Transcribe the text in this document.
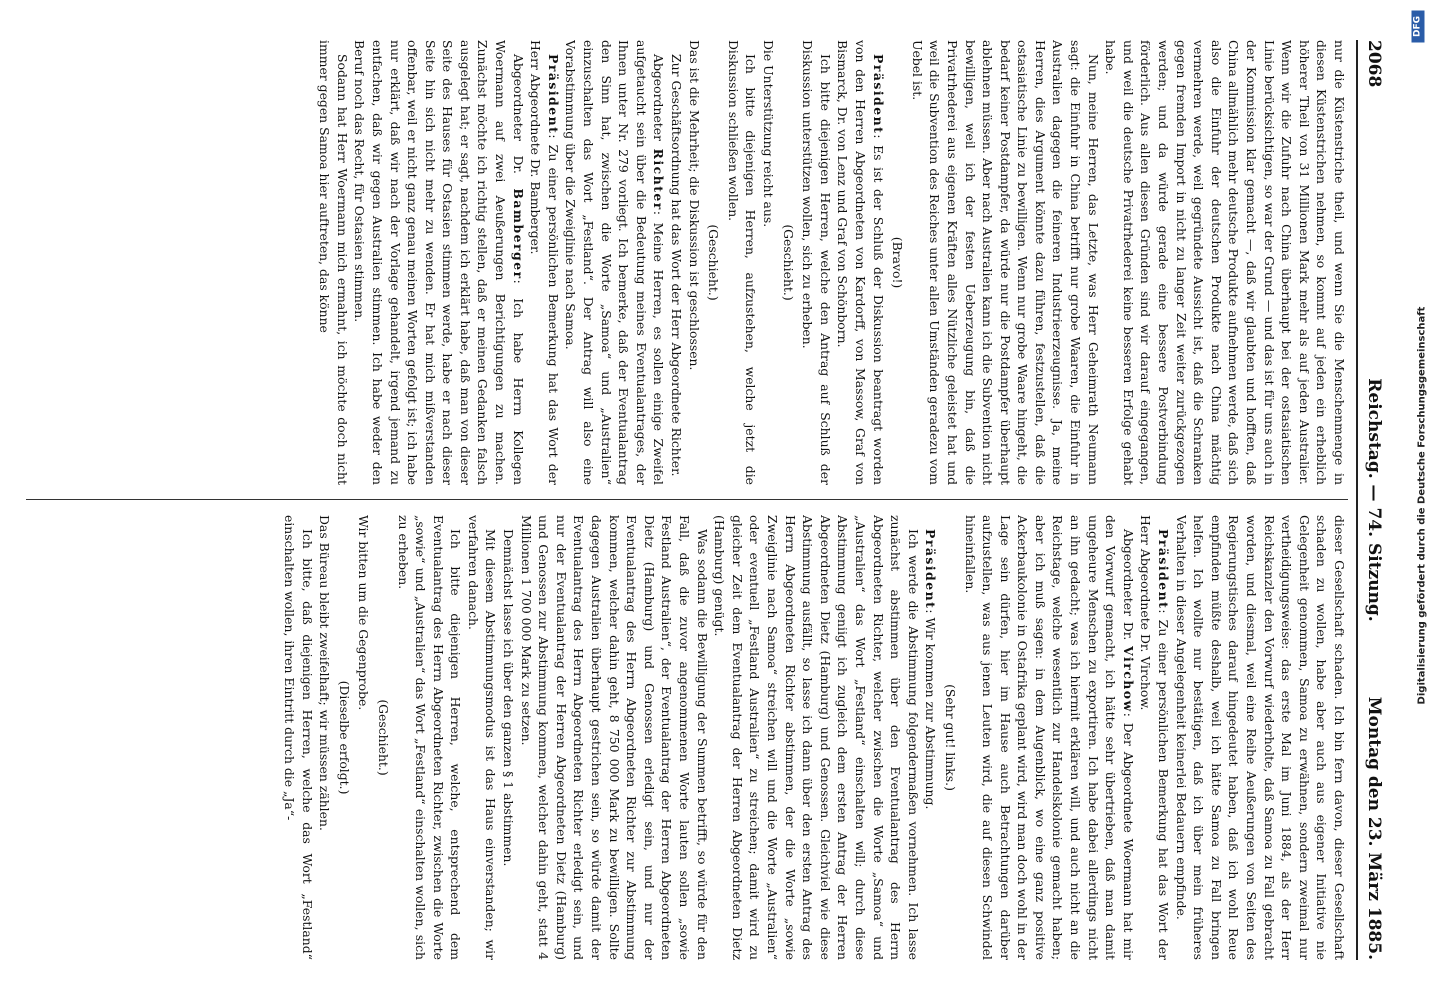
2068
Reichstag. — 74. Sitzung.
Montag den 23. März 1885.

nur die Küstenstriche theil, und wenn Sie die Menschenmenge in diesen Küstenstrichen nehmen, so kommt auf jeden ein erheblich höherer Theil von 31 Millionen Mark mehr als auf jeden Australier. Wenn wir die Zufuhr nach China überhaupt bei der ostasiatischen Linie berücksichtigen, so war der Grund — und das ist für uns auch in der Kommission klar gemacht —, daß wir glaubten und hofften, daß China allmählich mehr deutsche Produkte aufnehmen werde, daß sich also die Einfuhr der deutschen Produkte nach China mächtig vermehren werde, weil gegründete Aussicht ist, daß die Schranken gegen fremden Import in nicht zu langer Zeit weiter zurückgezogen werden; und da würde gerade eine bessere Postverbindung förderlich. Aus allen diesen Gründen sind wir darauf eingegangen, und weil die deutsche Privatrhederei keine besseren Erfolge gehabt habe.

Nun, meine Herren, das Letzte, was Herr Geheimrath Neumann sagt: die Einfuhr in China betrifft nur grobe Waaren, die Einfuhr in Australien dagegen die feineren Industrieerzeugnisse. Ja, meine Herren, dies Argument könnte dazu führen, festzustellen, daß die ostasiatische Linie zu bewilligen. Wenn nur grobe Waare hingeht, die bedarf keiner Postdampfer, da würde nur die Postdampfer überhaupt ablehnen müssen. Aber nach Australien kann ich die Subvention nicht bewilligen, weil ich der festen Ueberzeugung bin, daß die Privatrhederei aus eigenen Kräften alles Nützliche geleistet hat und weil die Subvention des Reiches unter allen Umständen geradezu vom Uebel ist.

(Bravo!)

Präsident: Es ist der Schluß der Diskussion beantragt worden von den Herren Abgeordneten von Kardorff, von Massow, Graf von Bismarck, Dr. von Lenz und Graf von Schönborn.

Ich bitte diejenigen Herren, welche den Antrag auf Schluß der Diskussion unterstützen wollen, sich zu erheben.

(Geschieht.)

Die Unterstützung reicht aus.

Ich bitte diejenigen Herren, aufzustehen, welche jetzt die Diskussion schließen wollen.

(Geschieht.)

Das ist die Mehrheit; die Diskussion ist geschlossen.

Zur Geschäftsordnung hat das Wort der Herr Abgeordnete Richter.

Abgeordneter Richter: Meine Herren, es sollen einige Zweifel aufgetaucht sein über die Bedeutung meines Eventualantrages, der Ihnen unter Nr. 279 vorliegt. Ich bemerke, daß der Eventualantrag den Sinn hat, zwischen die Worte „Samoa“ und „Australien“ einzuschalten das Wort „Festland“. Der Antrag will also eine Vorabstimmung über die Zweiglinie nach Samoa.

Präsident: Zu einer persönlichen Bemerkung hat das Wort der Herr Abgeordnete Dr. Bamberger.

Abgeordneter Dr. Bamberger: Ich habe Herrn Kollegen Woermann auf zwei Aeußerungen Berichtigungen zu machen. Zunächst möchte ich richtig stellen, daß er meinen Gedanken falsch ausgelegt hat; er sagt, nachdem ich erklärt habe, daß man von dieser Seite des Hauses für Ostasien stimmen werde, habe er nach dieser Seite hin sich nicht mehr zu wenden. Er hat mich mißverstanden offenbar, weil er nicht ganz genau meinen Worten gefolgt ist; ich habe nur erklärt, daß wir nach der Vorlage gehandelt, irgend jemand zu entfachen, daß wir gegen Australien stimmen. Ich habe weder den Beruf noch das Recht, für Ostasien stimmen.

Sodann hat Herr Woermann mich ermahnt, ich möchte doch nicht immer gegen Samoa hier auftreten, das könne

dieser Gesellschaft schaden. Ich bin fern davon, dieser Gesellschaft schaden zu wollen, habe aber auch aus eigener Initiative nie Gelegenheit genommen, Samoa zu erwähnen, sondern zweimal nur vertheidigungsweise: das erste Mal im Juni 1884, als der Herr Reichskanzler den Vorwurf wiederholte, daß Samoa zu Fall gebracht worden, und diesmal, weil eine Reihe Aeußerungen von Seiten des Regierungstisches darauf hingedeutet haben, daß ich wohl Reue empfinden müßte deshalb, weil ich hätte Samoa zu Fall bringen helfen. Ich wollte nur bestätigen, daß ich über mein früheres Verhalten in dieser Angelegenheit keinerlei Bedauern empfinde.

Präsident: Zu einer persönlichen Bemerkung hat das Wort der Herr Abgeordnete Dr. Virchow.

Abgeordneter Dr. Virchow: Der Abgeordnete Woermann hat mir den Vorwurf gemacht, ich hätte sehr übertrieben, daß man damit ungeheure Menschen zu exportiren. Ich habe dabei allerdings nicht an ihn gedacht; was ich hiermit erklären will, und auch nicht an die Reichstage, welche wesentlich zur Handelskolonie gemacht haben; aber ich muß sagen: in dem Augenblick, wo eine ganz positive Ackerbaukolonie in Ostafrika geplant wird, wird man doch wohl in der Lage sein dürfen, hier im Hause auch Betrachtungen darüber aufzustellen, was aus jenen Leuten wird, die auf diesen Schwindel hineinfallen.

(Sehr gut! links.)

Präsident: Wir kommen zur Abstimmung.

Ich werde die Abstimmung folgendermaßen vornehmen. Ich lasse zunächst abstimmen über den Eventualantrag des Herrn Abgeordneten Richter, welcher zwischen die Worte „Samoa“ und „Australien“ das Wort „Festland“ einschalten will; durch diese Abstimmung geniigt ich zugleich dem ersten Antrag der Herren Abgeordneten Dietz (Hamburg) und Genossen. Gleichviel wie diese Abstimmung ausfällt, so lasse ich dann über den ersten Antrag des Herrn Abgeordneten Richter abstimmen, der die Worte „sowie Zweiglinie nach Samoa“ streichen will und die Worte „Australien“ oder eventuell „Festland Australien“ zu streichen; damit wird zu gleicher Zeit dem Eventualantrag der Herren Abgeordneten Dietz (Hamburg) genügt.

Was sodann die Bewilligung der Summen betrifft, so würde für den Fall, daß die zuvor angenommenen Worte lauten sollen „sowie Festland Australien“, der Eventualantrag der Herren Abgeordneten Dietz (Hamburg) und Genossen erledigt sein, und nur der Eventualantrag des Herrn Abgeordneten Richter zur Abstimmung kommen, welcher dahin geht, 8 750 000 Mark zu bewilligen. Sollte dagegen Australien überhaupt gestrichen sein, so würde damit der Eventualantrag des Herrn Abgeordneten Richter erledigt sein, und nur der Eventualantrag der Herren Abgeordneten Dietz (Hamburg) und Genossen zur Abstimmung kommen, welcher dahin geht, statt 4 Millionen 1 700 000 Mark zu setzen.

Demnächst lasse ich über den ganzen § 1 abstimmen.

Mit diesem Abstimmungsmodus ist das Haus einverstanden; wir verfahren danach.

Ich bitte diejenigen Herren, welche, entsprechend dem Eventualantrag des Herrn Abgeordneten Richter, zwischen die Worte „sowie“ und „Australien“ das Wort „Festland“ einschalten wollen, sich zu erheben.

(Geschieht.)

Wir bitten um die Gegenprobe.

(Dieselbe erfolgt.)

Das Büreau bleibt zweifelhaft; wir müssen zählen.

Ich bitte, daß diejenigen Herren, welche das Wort „Festland“ einschalten wollen, ihren Eintritt durch die „Ja“-	Digitalisierung gefördert durch die Deutsche Forschungsgemeinschaft
DFG
